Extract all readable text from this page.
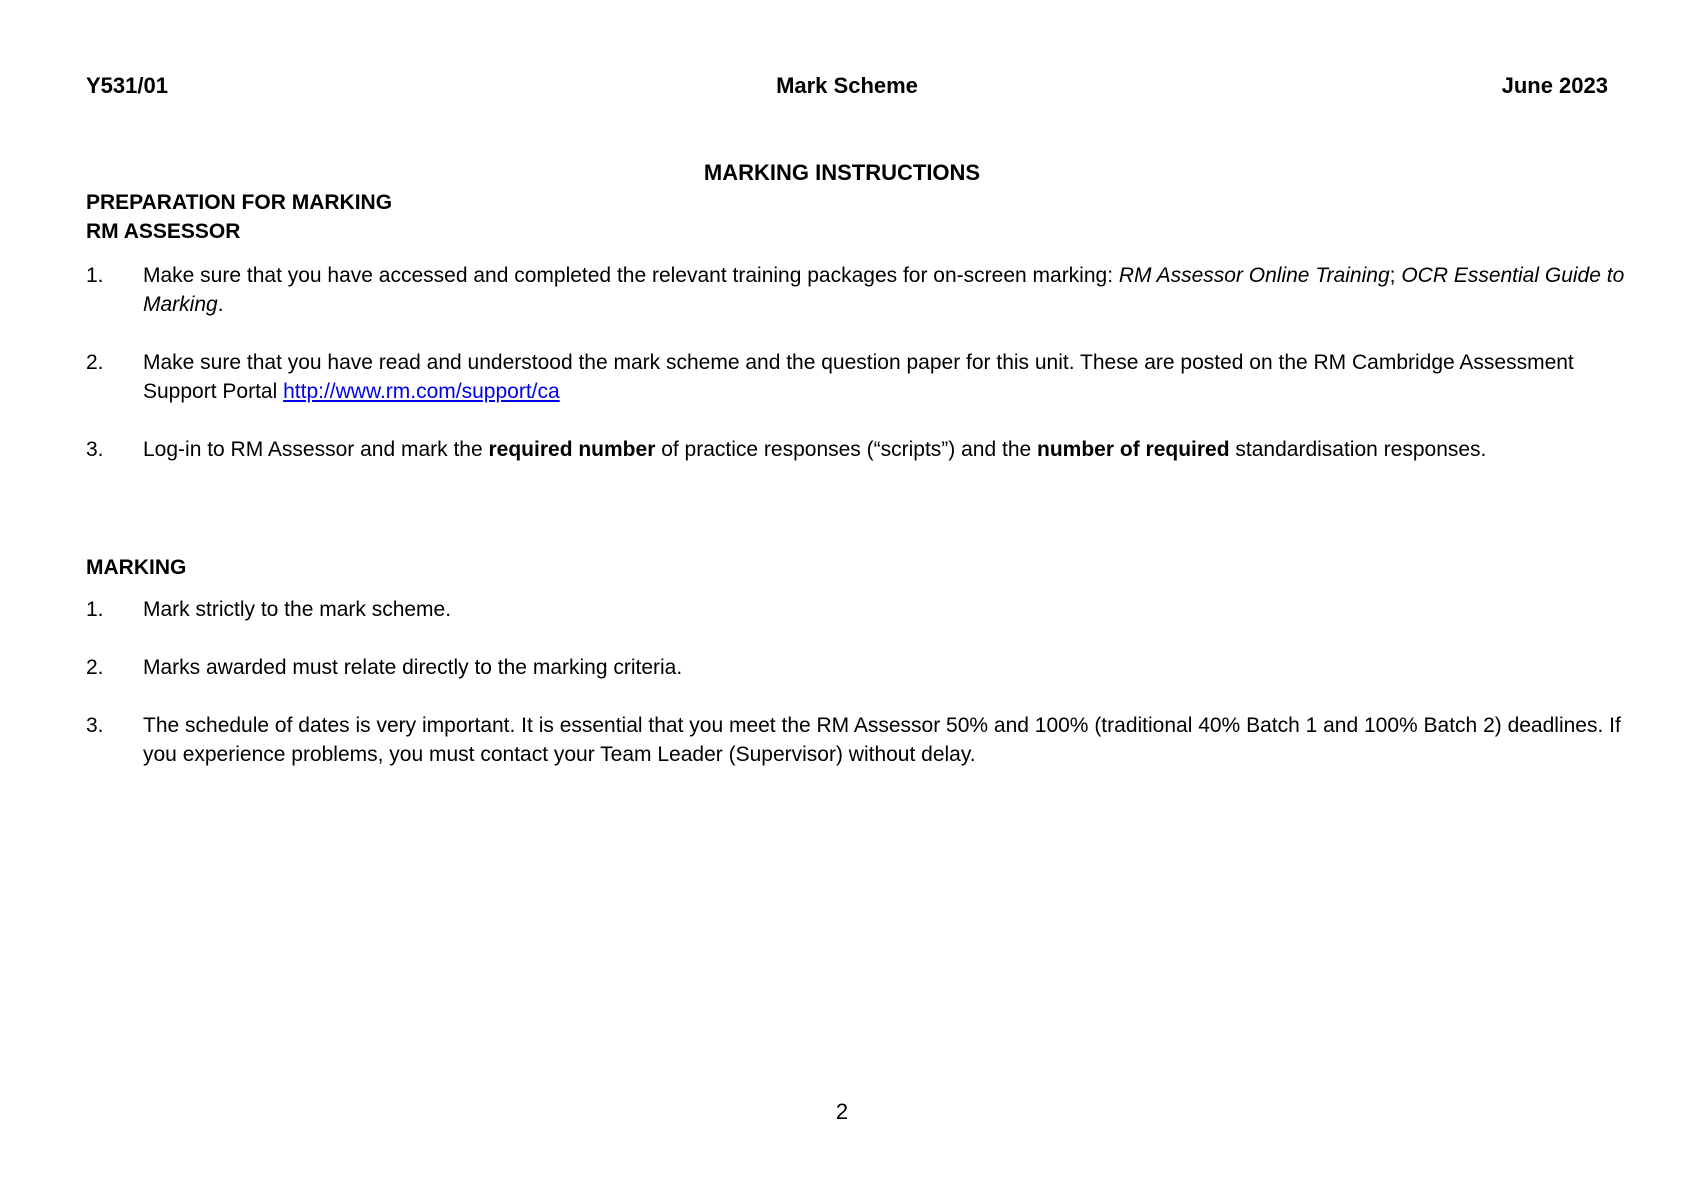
Y531/01	Mark Scheme	June 2023
MARKING INSTRUCTIONS
PREPARATION FOR MARKING
RM ASSESSOR
1. Make sure that you have accessed and completed the relevant training packages for on-screen marking: RM Assessor Online Training; OCR Essential Guide to Marking.
2. Make sure that you have read and understood the mark scheme and the question paper for this unit. These are posted on the RM Cambridge Assessment Support Portal http://www.rm.com/support/ca
3. Log-in to RM Assessor and mark the required number of practice responses (“scripts”) and the number of required standardisation responses.
MARKING
1. Mark strictly to the mark scheme.
2. Marks awarded must relate directly to the marking criteria.
3. The schedule of dates is very important. It is essential that you meet the RM Assessor 50% and 100% (traditional 40% Batch 1 and 100% Batch 2) deadlines. If you experience problems, you must contact your Team Leader (Supervisor) without delay.
2
